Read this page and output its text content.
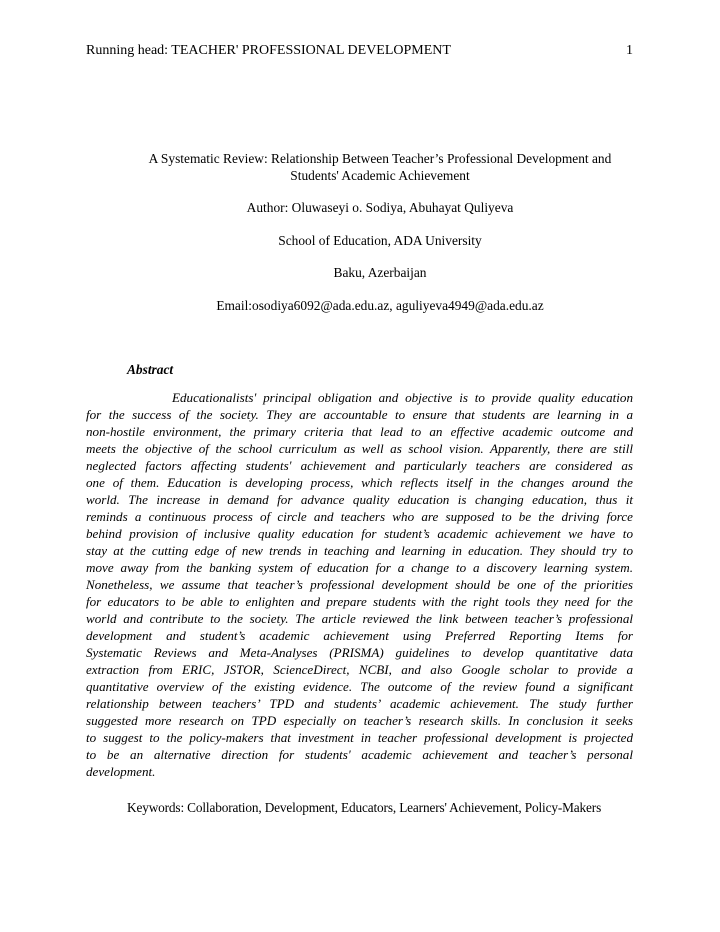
Running head: TEACHER' PROFESSIONAL DEVELOPMENT	1
A Systematic Review: Relationship Between Teacher’s Professional Development and
Students' Academic Achievement
Author: Oluwaseyi o. Sodiya, Abuhayat Quliyeva
School of Education, ADA University
Baku, Azerbaijan
Email:osodiya6092@ada.edu.az, aguliyeva4949@ada.edu.az
Abstract
Educationalists' principal obligation and objective is to provide quality education
for the success of the society. They are accountable to ensure that students are learning in a
non-hostile environment, the primary criteria that lead to an effective academic outcome and
meets the objective of the school curriculum as well as school vision. Apparently, there are still
neglected factors affecting students' achievement and particularly teachers are considered as
one of them. Education is developing process, which reflects itself in the changes around the
world. The increase in demand for advance quality education is changing education, thus it
reminds a continuous process of circle and teachers who are supposed to be the driving force
behind provision of inclusive quality education for student’s academic achievement we have to
stay at the cutting edge of new trends in teaching and learning in education. They should try to
move away from the banking system of education for a change to a discovery learning system.
Nonetheless, we assume that teacher’s professional development should be one of the priorities
for educators to be able to enlighten and prepare students with the right tools they need for the
world and contribute to the society. The article reviewed the link between teacher’s professional
development and student’s academic achievement using Preferred Reporting Items for
Systematic Reviews and Meta-Analyses (PRISMA) guidelines to develop quantitative data
extraction from ERIC, JSTOR, ScienceDirect, NCBI, and also Google scholar to provide a
quantitative overview of the existing evidence. The outcome of the review found a significant
relationship between teachers’ TPD and students’ academic achievement. The study further
suggested more research on TPD especially on teacher’s research skills. In conclusion it seeks
to suggest to the policy-makers that investment in teacher professional development is projected
to be an alternative direction for students' academic achievement and teacher’s personal
development.
Keywords: Collaboration, Development, Educators, Learners' Achievement, Policy-Makers
